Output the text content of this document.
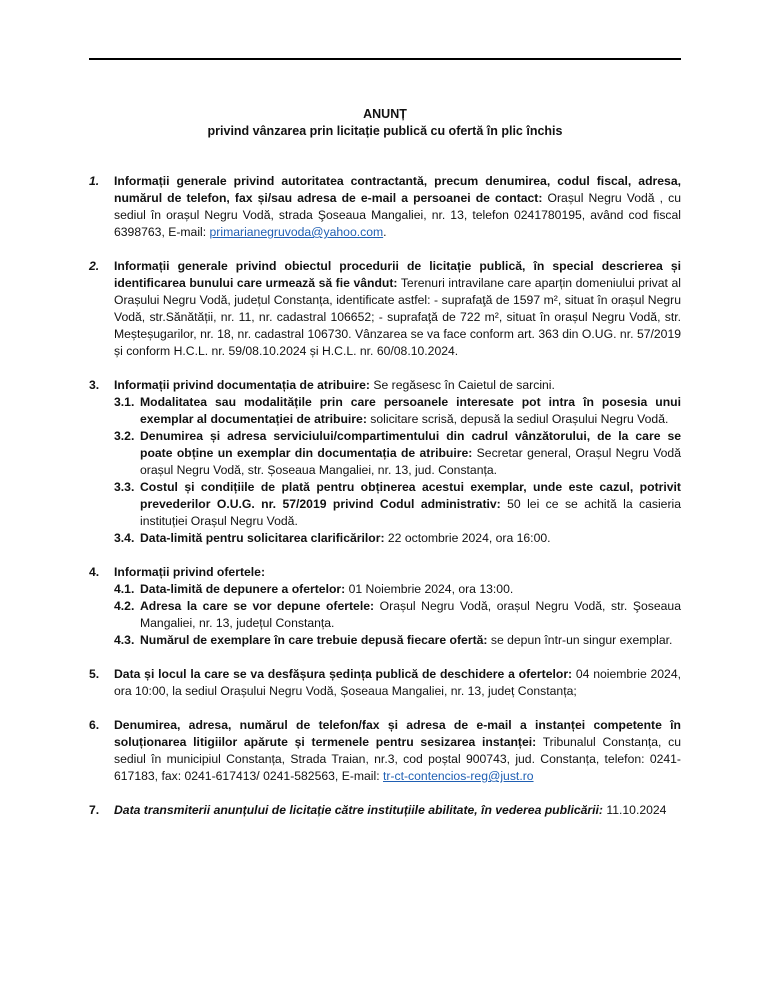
ANUNȚ
privind vânzarea prin licitație publică cu ofertă în plic închis
1. Informații generale privind autoritatea contractantă, precum denumirea, codul fiscal, adresa, numărul de telefon, fax și/sau adresa de e-mail a persoanei de contact: Orașul Negru Vodă , cu sediul în orașul Negru Vodă, strada Şoseaua Mangaliei, nr. 13, telefon 0241780195, având cod fiscal 6398763, E-mail: primarianegruvoda@yahoo.com.

2. Informații generale privind obiectul procedurii de licitație publică, în special descrierea și identificarea bunului care urmează să fie vândut: Terenuri intravilane care aparțin domeniului privat al Orașului Negru Vodă, județul Constanța, identificate astfel: - suprafaţă de 1597 m², situat în orașul Negru Vodă, str.Sănătății, nr. 11, nr. cadastral 106652; - suprafaţă de 722 m², situat în orașul Negru Vodă, str. Meșteșugarilor, nr. 18, nr. cadastral 106730. Vânzarea se va face conform art. 363 din O.UG. nr. 57/2019 și conform H.C.L. nr. 59/08.10.2024 și H.C.L. nr. 60/08.10.2024.

3. Informații privind documentația de atribuire: Se regăsesc în Caietul de sarcini.

3.1. Modalitatea sau modalitățile prin care persoanele interesate pot intra în posesia unui exemplar al documentației de atribuire: solicitare scrisă, depusă la sediul Orașului Negru Vodă.
3.2. Denumirea și adresa serviciului/compartimentului din cadrul vânzătorului, de la care se poate obține un exemplar din documentația de atribuire: Secretar general, Orașul Negru Vodă orașul Negru Vodă, str. Șoseaua Mangaliei, nr. 13, jud. Constanța.
3.3. Costul și condițiile de plată pentru obținerea acestui exemplar, unde este cazul, potrivit prevederilor O.U.G. nr. 57/2019 privind Codul administrativ: 50 lei ce se achită la casieria instituției Orașul Negru Vodă.
3.4. Data-limită pentru solicitarea clarificărilor: 22 octombrie 2024, ora 16:00.
4. Informații privind ofertele:

4.1. Data-limită de depunere a ofertelor: 01 Noiembrie 2024, ora 13:00.
4.2. Adresa la care se vor depune ofertele: Orașul Negru Vodă, orașul Negru Vodă, str. Şoseaua Mangaliei, nr. 13, județul Constanța.
4.3. Numărul de exemplare în care trebuie depusă fiecare ofertă: se depun într-un singur exemplar.
5. Data și locul la care se va desfășura ședința publică de deschidere a ofertelor: 04 noiembrie 2024, ora 10:00, la sediul Orașului Negru Vodă, Șoseaua Mangaliei, nr. 13, județ Constanța;

6. Denumirea, adresa, numărul de telefon/fax și adresa de e-mail a instanței competente în soluționarea litigiilor apărute și termenele pentru sesizarea instanței: Tribunalul Constanța, cu sediul în municipiul Constanța, Strada Traian, nr.3, cod poștal 900743, jud. Constanța, telefon: 0241-617183, fax: 0241-617413/ 0241-582563, E-mail: tr-ct-contencios-reg@just.ro

7. Data transmiterii anunțului de licitație către instituțiile abilitate, în vederea publicării: 11.10.2024
